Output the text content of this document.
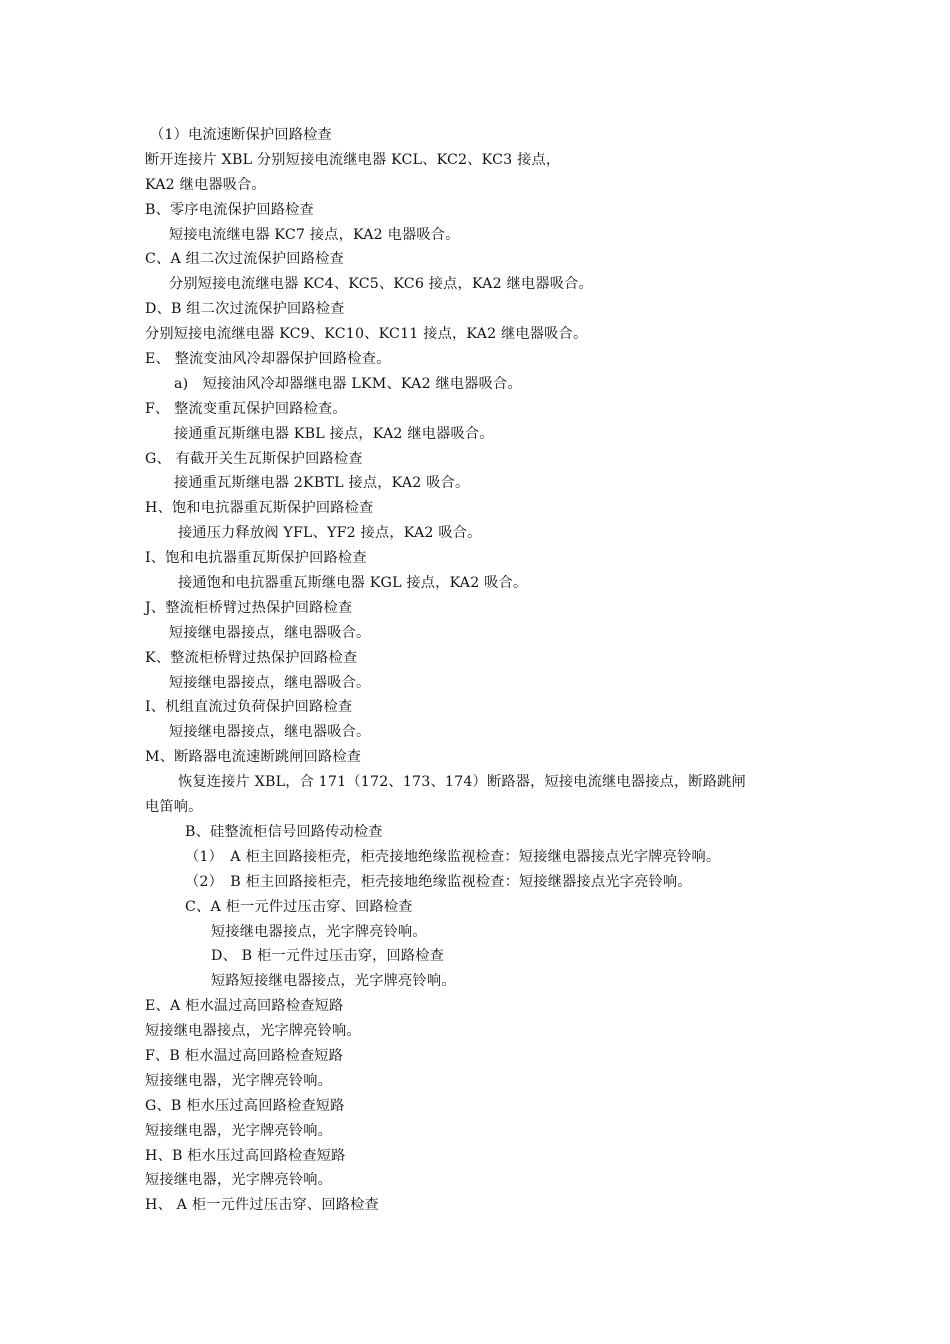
（1）电流速断保护回路检查
断开连接片 XBL 分别短接电流继电器 KCL、KC2、KC3 接点，
KA2 继电器吸合。
B、零序电流保护回路检查
短接电流继电器 KC7 接点，KA2 电器吸合。
C、A 组二次过流保护回路检查
分别短接电流继电器 KC4、KC5、KC6 接点，KA2 继电器吸合。
D、B 组二次过流保护回路检查
分别短接电流继电器 KC9、KC10、KC11 接点，KA2 继电器吸合。
E、 整流变油风冷却器保护回路检查。
a)　短接油风冷却器继电器 LKM、KA2 继电器吸合。
F、 整流变重瓦保护回路检查。
接通重瓦斯继电器 KBL 接点，KA2 继电器吸合。
G、 有截开关生瓦斯保护回路检查
接通重瓦斯继电器 2KBTL 接点，KA2 吸合。
H、饱和电抗器重瓦斯保护回路检查
接通压力释放阀 YFL、YF2 接点，KA2 吸合。
I、饱和电抗器重瓦斯保护回路检查
接通饱和电抗器重瓦斯继电器 KGL 接点，KA2 吸合。
J、整流柜桥臂过热保护回路检查
短接继电器接点，继电器吸合。
K、整流柜桥臂过热保护回路检查
短接继电器接点，继电器吸合。
I、机组直流过负荷保护回路检查
短接继电器接点，继电器吸合。
M、断路器电流速断跳闸回路检查
恢复连接片 XBL，合 171（172、173、174）断路器，短接电流继电器接点，断路跳闸
电笛响。
B、硅整流柜信号回路传动检查
（1）　A 柜主回路接柜壳，柜壳接地绝缘监视检查：短接继电器接点光字牌亮铃响。
（2）　B 柜主回路接柜壳，柜壳接地绝缘监视检查：短接继器接点光字亮铃响。
C、A 柜一元件过压击穿、回路检查
短接继电器接点，光字牌亮铃响。
D、 B 柜一元件过压击穿，回路检查
短路短接继电器接点，光字牌亮铃响。
E、A 柜水温过高回路检查短路
短接继电器接点，光字牌亮铃响。
F、B 柜水温过高回路检查短路
短接继电器，光字牌亮铃响。
G、B 柜水压过高回路检查短路
短接继电器，光字牌亮铃响。
H、B 柜水压过高回路检查短路
短接继电器，光字牌亮铃响。
H、 A 柜一元件过压击穿、回路检查
